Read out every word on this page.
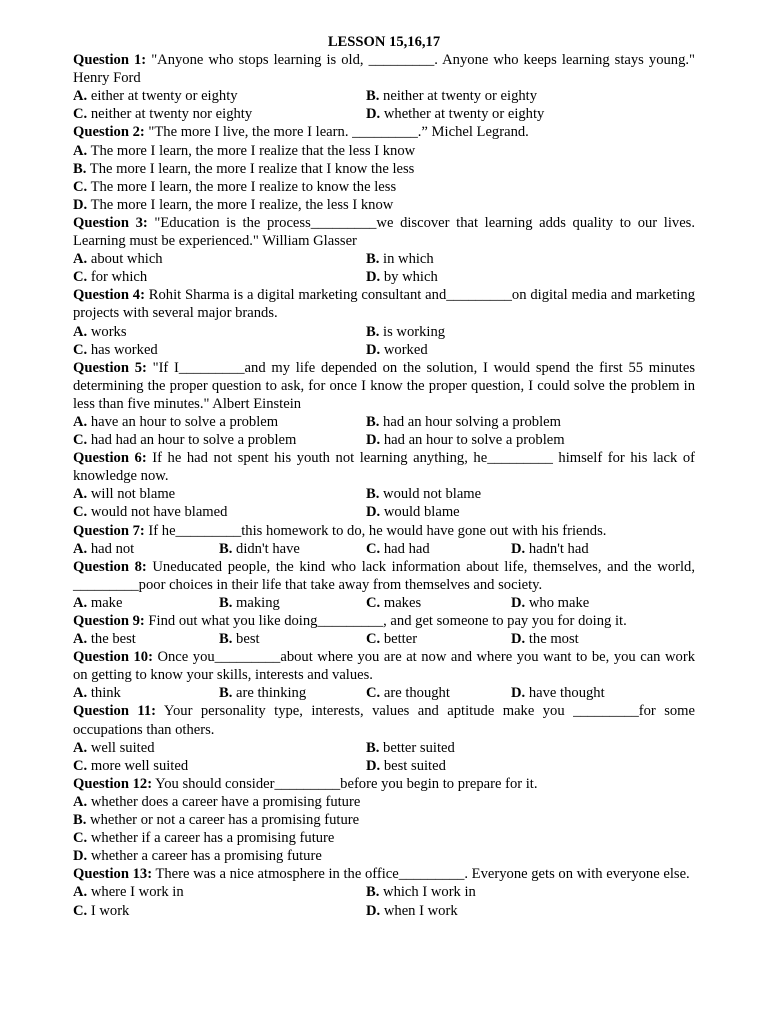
LESSON 15,16,17
Question 1: "Anyone who stops learning is old, _________. Anyone who keeps learning stays young." Henry Ford
A. either at twenty or eighty	B. neither at twenty or eighty
C. neither at twenty nor eighty	D. whether at twenty or eighty
Question 2: "The more I live, the more I learn. _________.” Michel Legrand.
A. The more I learn, the more I realize that the less I know
B. The more I learn, the more I realize that I know the less
C. The more I learn, the more I realize to know the less
D. The more I learn, the more I realize, the less I know
Question 3: "Education is the process_________we discover that learning adds quality to our lives. Learning must be experienced." William Glasser
A. about which	B. in which
C. for which	D. by which
Question 4: Rohit Sharma is a digital marketing consultant and_________on digital media and marketing projects with several major brands.
A. works	B. is working
C. has worked	D. worked
Question 5: "If I_________and my life depended on the solution, I would spend the first 55 minutes determining the proper question to ask, for once I know the proper question, I could solve the problem in less than five minutes." Albert Einstein
A. have an hour to solve a problem	B. had an hour solving a problem
C. had had an hour to solve a problem	D. had an hour to solve a problem
Question 6: If he had not spent his youth not learning anything, he_________ himself for his lack of knowledge now.
A. will not blame	B. would not blame
C. would not have blamed	D. would blame
Question 7: If he_________this homework to do, he would have gone out with his friends.
A. had not	B. didn't have	C. had had	D. hadn't had
Question 8: Uneducated people, the kind who lack information about life, themselves, and the world, _________poor choices in their life that take away from themselves and society.
A. make	B. making	C. makes	D. who make
Question 9: Find out what you like doing_________, and get someone to pay you for doing it.
A. the best	B. best	C. better	D. the most
Question 10: Once you_________about where you are at now and where you want to be, you can work on getting to know your skills, interests and values.
A. think	B. are thinking	C. are thought	D. have thought
Question 11: Your personality type, interests, values and aptitude make you _________for some occupations than others.
A. well suited	B. better suited
C. more well suited	D. best suited
Question 12: You should consider_________before you begin to prepare for it.
A. whether does a career have a promising future
B. whether or not a career has a promising future
C. whether if a career has a promising future
D. whether a career has a promising future
Question 13: There was a nice atmosphere in the office_________. Everyone gets on with everyone else.
A. where I work in	B. which I work in
C. I work	D. when I work
